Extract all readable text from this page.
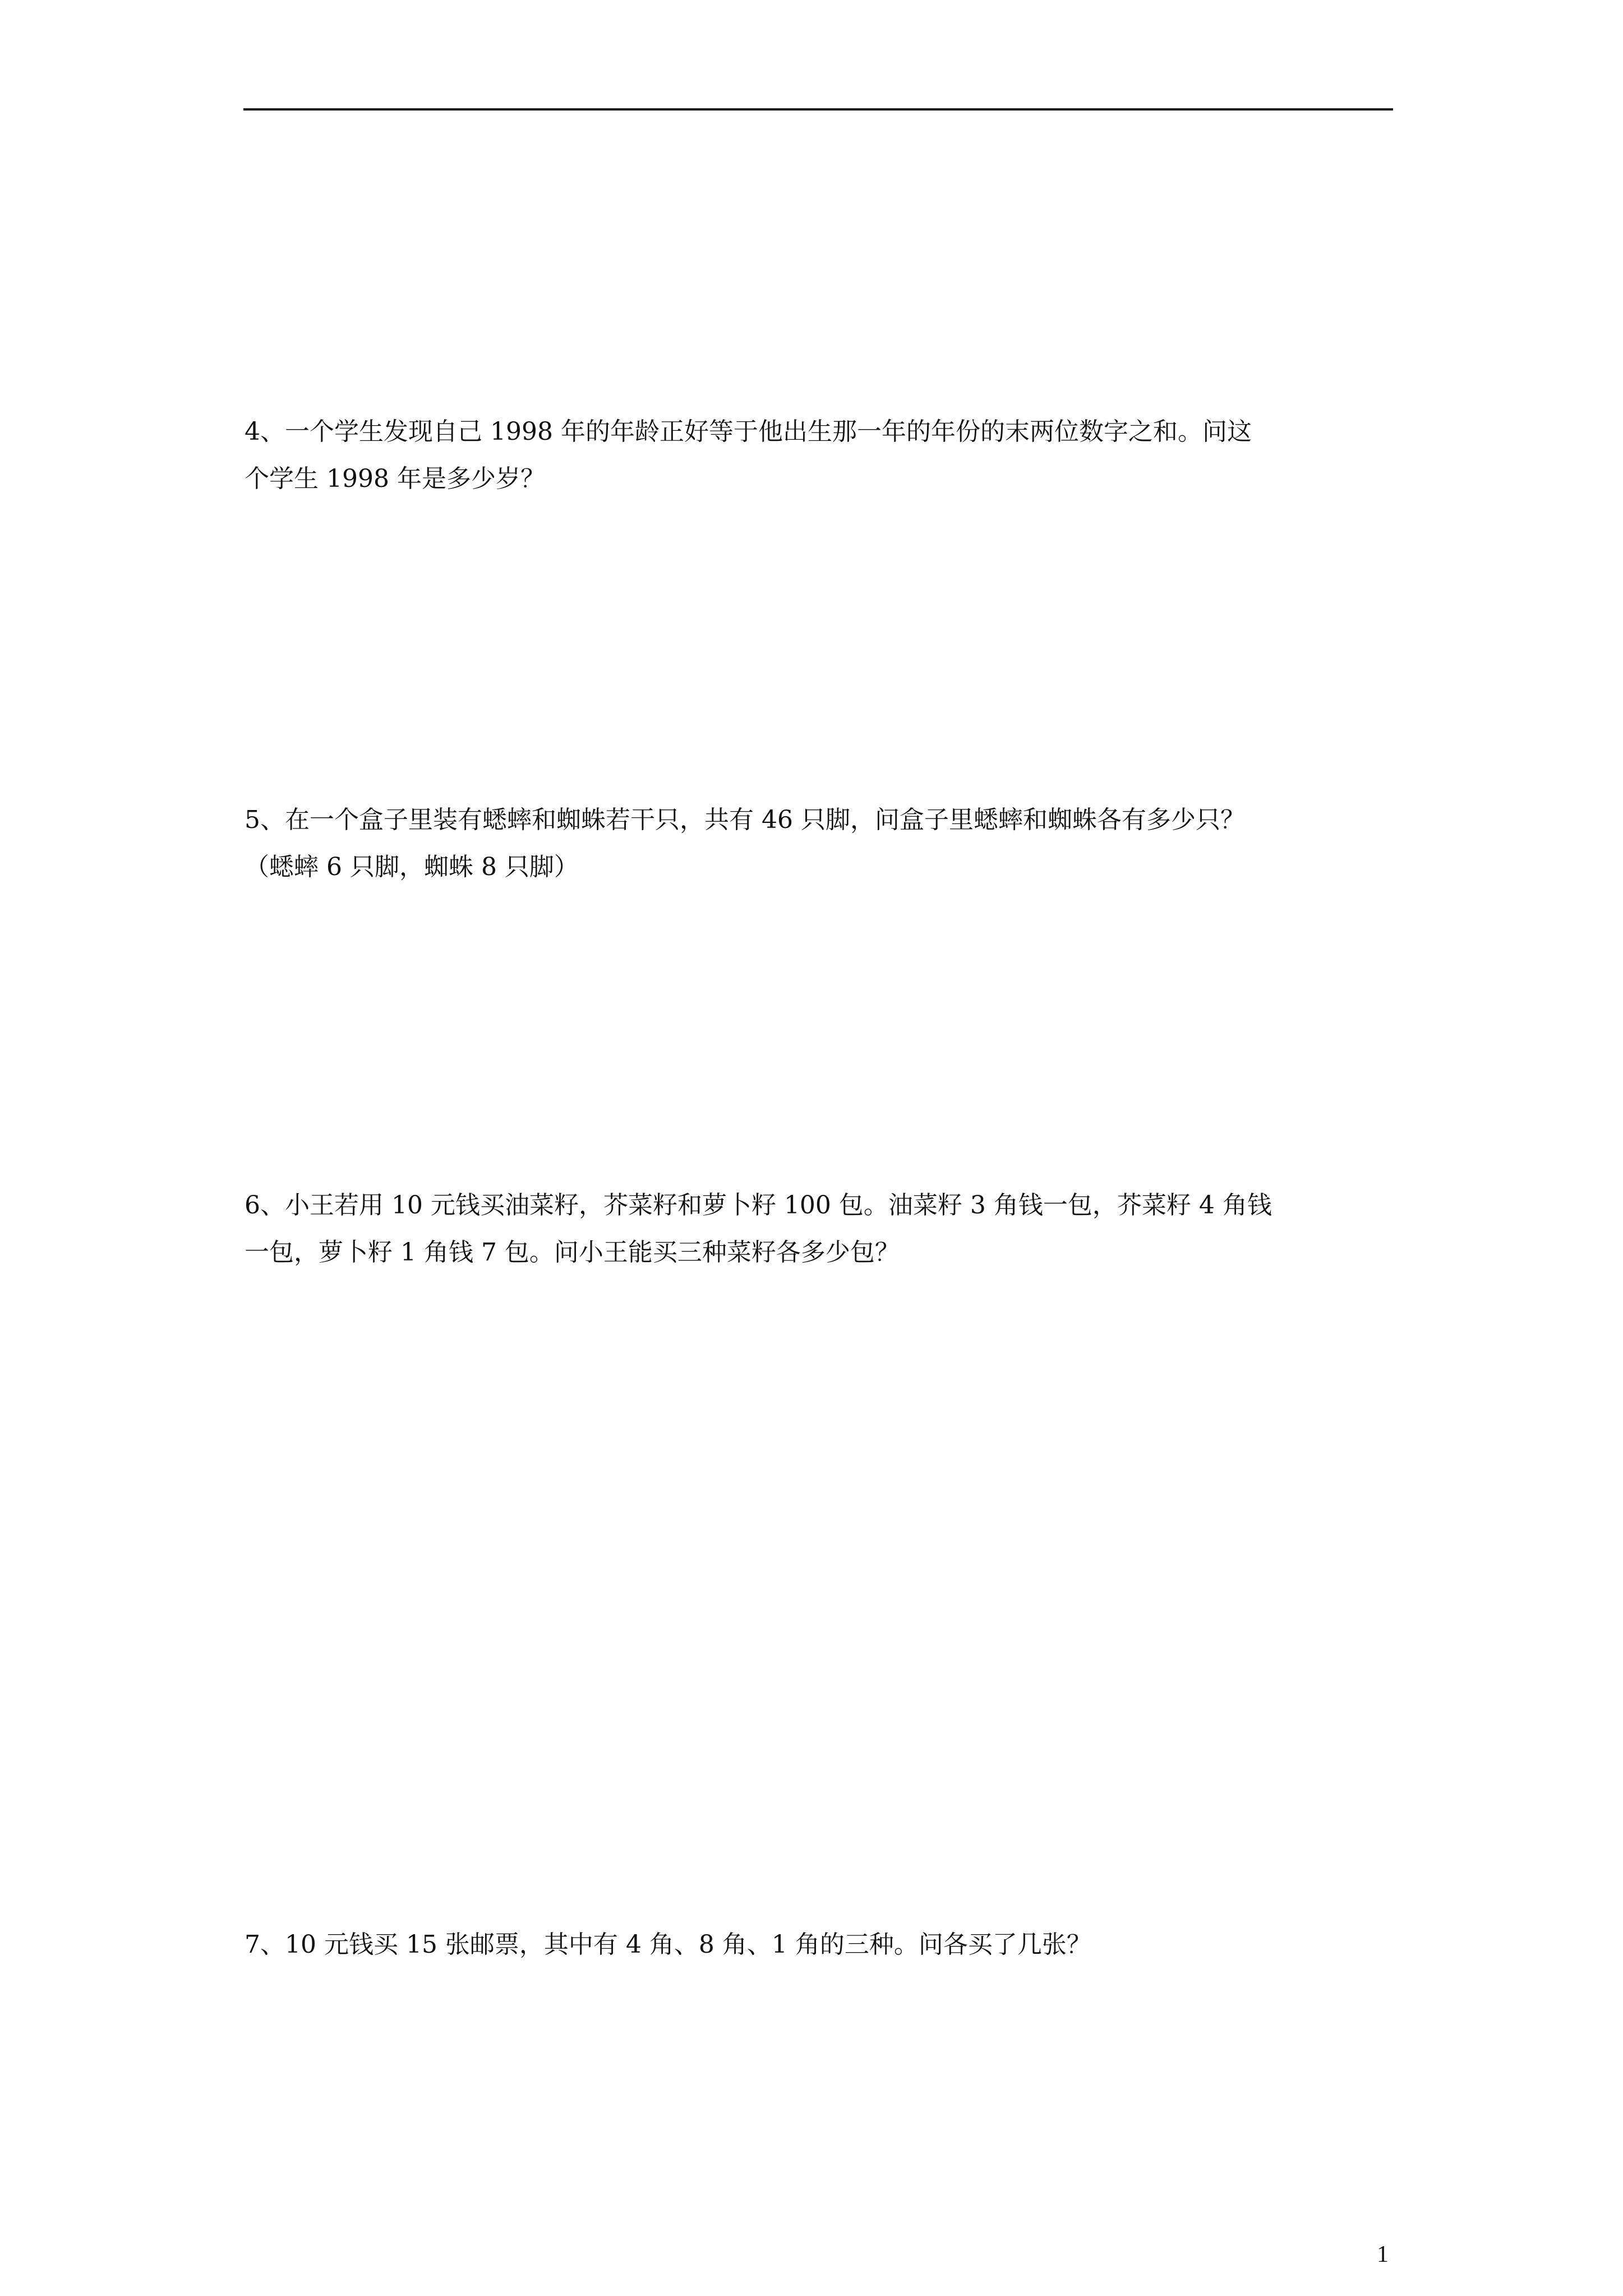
4、一个学生发现自己 1998 年的年龄正好等于他出生那一年的年份的末两位数字之和。问这
个学生 1998 年是多少岁？
5、在一个盒子里装有蟋蟀和蜘蛛若干只，共有 46 只脚，问盒子里蟋蟀和蜘蛛各有多少只？
（蟋蟀 6 只脚，蜘蛛 8 只脚）
6、小王若用 10 元钱买油菜籽，芥菜籽和萝卜籽 100 包。油菜籽 3 角钱一包，芥菜籽 4 角钱
一包，萝卜籽 1 角钱 7 包。问小王能买三种菜籽各多少包？
7、10 元钱买 15 张邮票，其中有 4 角、8 角、1 角的三种。问各买了几张？
1
